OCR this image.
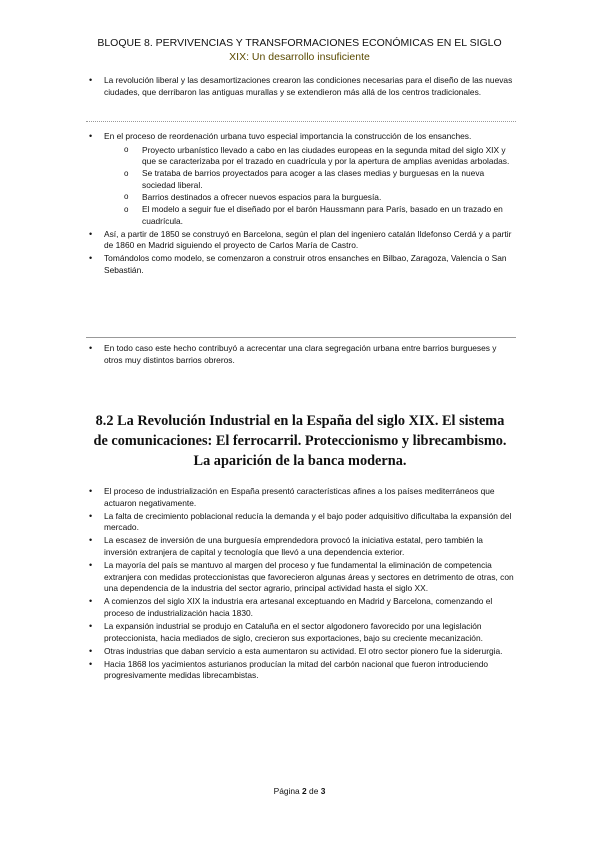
BLOQUE 8. PERVIVENCIAS Y TRANSFORMACIONES ECONÓMICAS EN EL SIGLO
XIX: Un desarrollo insuficiente
• La revolución liberal y las desamortizaciones crearon las condiciones necesarias para el diseño de las nuevas ciudades, que derribaron las antiguas murallas y se extendieron más allá de los centros tradicionales.
• En el proceso de reordenación urbana tuvo especial importancia la construcción de los ensanches.
o Proyecto urbanístico llevado a cabo en las ciudades europeas en la segunda mitad del siglo XIX y que se caracterizaba por el trazado en cuadrícula y por la apertura de amplias avenidas arboladas.
o Se trataba de barrios proyectados para acoger a las clases medias y burguesas en la nueva sociedad liberal.
o Barrios destinados a ofrecer nuevos espacios para la burguesía.
o El modelo a seguir fue el diseñado por el barón Haussmann para París, basado en un trazado en cuadrícula.
• Así, a partir de 1850 se construyó en Barcelona, según el plan del ingeniero catalán Ildefonso Cerdá y a partir de 1860 en Madrid siguiendo el proyecto de Carlos María de Castro.
• Tomándolos como modelo, se comenzaron a construir otros ensanches en Bilbao, Zaragoza, Valencia o San Sebastián.
• En todo caso este hecho contribuyó a acrecentar una clara segregación urbana entre barrios burgueses y otros muy distintos barrios obreros.
8.2 La Revolución Industrial en la España del siglo XIX. El sistema
de comunicaciones: El ferrocarril. Proteccionismo y librecambismo.
La aparición de la banca moderna.
• El proceso de industrialización en España presentó características afines a los países mediterráneos que actuaron negativamente.
• La falta de crecimiento poblacional reducía la demanda y el bajo poder adquisitivo dificultaba la expansión del mercado.
• La escasez de inversión de una burguesía emprendedora provocó la iniciativa estatal, pero también la inversión extranjera de capital y tecnología que llevó a una dependencia exterior.
• La mayoría del país se mantuvo al margen del proceso y fue fundamental la eliminación de competencia extranjera con medidas proteccionistas que favorecieron algunas áreas y sectores en detrimento de otras, con una dependencia de la industria del sector agrario, principal actividad hasta el siglo XX.
• A comienzos del siglo XIX la industria era artesanal exceptuando en Madrid y Barcelona, comenzando el proceso de industrialización hacia 1830.
• La expansión industrial se produjo en Cataluña en el sector algodonero favorecido por una legislación proteccionista, hacia mediados de siglo, crecieron sus exportaciones, bajo su creciente mecanización.
• Otras industrias que daban servicio a esta aumentaron su actividad. El otro sector pionero fue la siderurgia.
• Hacia 1868 los yacimientos asturianos producían la mitad del carbón nacional que fueron introduciendo progresivamente medidas librecambistas.
Página 2 de 3
